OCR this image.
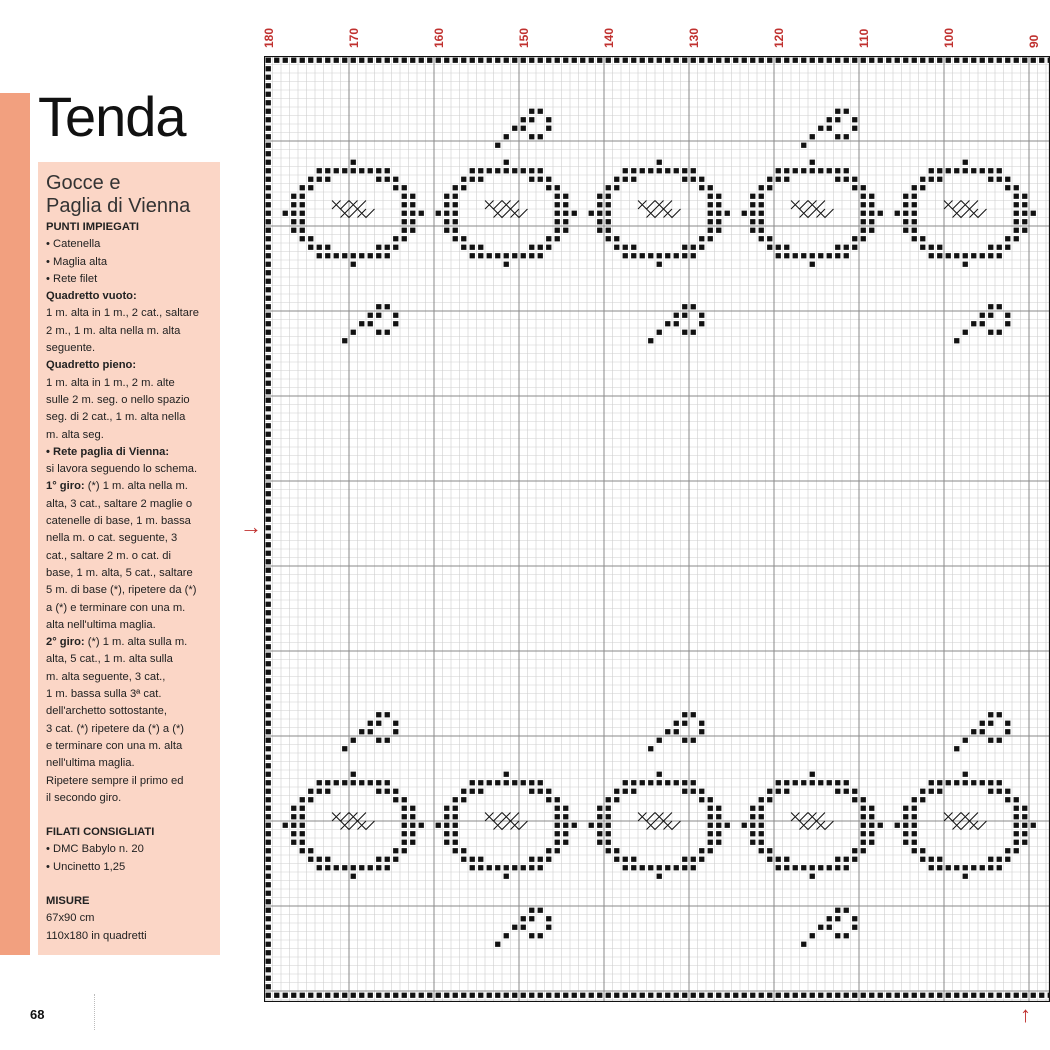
Tenda
Gocce e
Paglia di Vienna

PUNTI IMPIEGATI

• Catenella

• Maglia alta

• Rete filet

Quadretto vuoto:

1 m. alta in 1 m., 2 cat., saltare

2 m., 1 m. alta nella m. alta

seguente.

Quadretto pieno:

1 m. alta in 1 m., 2 m. alte

sulle 2 m. seg. o nello spazio

seg. di 2 cat., 1 m. alta nella

m. alta seg.

• Rete paglia di Vienna:

si lavora seguendo lo schema.

1° giro: (*) 1 m. alta nella m.

alta, 3 cat., saltare 2 maglie o

catenelle di base, 1 m. bassa

nella m. o cat. seguente, 3

cat., saltare 2 m. o cat. di

base, 1 m. alta, 5 cat., saltare

5 m. di base (*), ripetere da (*)

a (*) e terminare con una m.

alta nell'ultima maglia.

2° giro: (*) 1 m. alta sulla m.

alta, 5 cat., 1 m. alta sulla

m. alta seguente, 3 cat.,

1 m. bassa sulla 3ª cat.

dell'archetto sottostante,

3 cat. (*) ripetere da (*) a (*)

e terminare con una m. alta

nell'ultima maglia.

Ripetere sempre il primo ed

il secondo giro.

FILATI CONSIGLIATI

• DMC Babylo n. 20

• Uncinetto 1,25

MISURE

67x90 cm

110x180 in quadretti

68
180	170	160	150	140	130	120	110	100	90
→
↑
